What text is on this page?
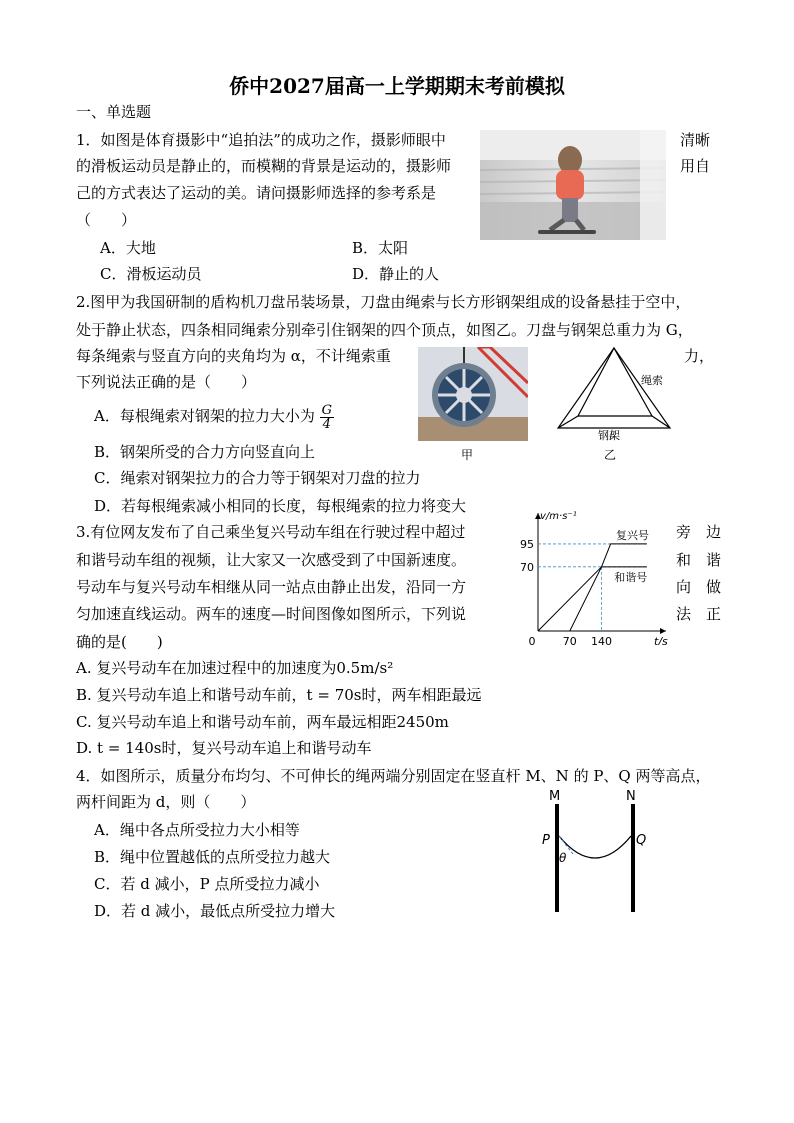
侨中2027届高一上学期期末考前模拟
一、单选题
1．如图是体育摄影中“追拍法”的成功之作，摄影师眼中	清晰
的滑板运动员是静止的，而模糊的背景是运动的，摄影师	用自
己的方式表达了运动的美。请问摄影师选择的参考系是
（　　）
A．大地	B．太阳
C．滑板运动员	D．静止的人
2.图甲为我国研制的盾构机刀盘吊装场景，刀盘由绳索与长方形钢架组成的设备悬挂于空中，
处于静止状态，四条相同绳索分别牵引住钢架的四个顶点，如图乙。刀盘与钢架总重力为 G，
每条绳索与竖直方向的夹角均为 α，不计绳索重	力，
下列说法正确的是（　　）
A．每根绳索对钢架的拉力大小为 $\frac{G}{4}$
B．钢架所受的合力方向竖直向上
C．绳索对钢架拉力的合力等于钢架对刀盘的拉力
D．若每根绳索减小相同的长度，每根绳索的拉力将变大
甲
绳索
钢架
乙
3.有位网友发布了自己乘坐复兴号动车组在行驶过程中超过	旁　边
和谐号动车组的视频，让大家又一次感受到了中国新速度。	和　谐
号动车与复兴号动车相继从同一站点由静止出发，沿同一方	向　做
匀加速直线运动。两车的速度—时间图像如图所示，下列说	法　正
确的是(　　)
A. 复兴号动车在加速过程中的加速度为0.5m/s²
B. 复兴号动车追上和谐号动车前，t = 70s时，两车相距最远
C. 复兴号动车追上和谐号动车前，两车最远相距2450m
D. t = 140s时，复兴号动车追上和谐号动车
70
95
0 70 140
复兴号
和谐号
v/m·s⁻¹
t/s
4．如图所示，质量分布均匀、不可伸长的绳两端分别固定在竖直杆 M、N 的 P、Q 两等高点，
两杆间距为 d，则（　　）
A．绳中各点所受拉力大小相等
B．绳中位置越低的点所受拉力越大
C．若 d 减小，P 点所受拉力减小
D．若 d 减小，最低点所受拉力增大
M	N
P	Q
θ
